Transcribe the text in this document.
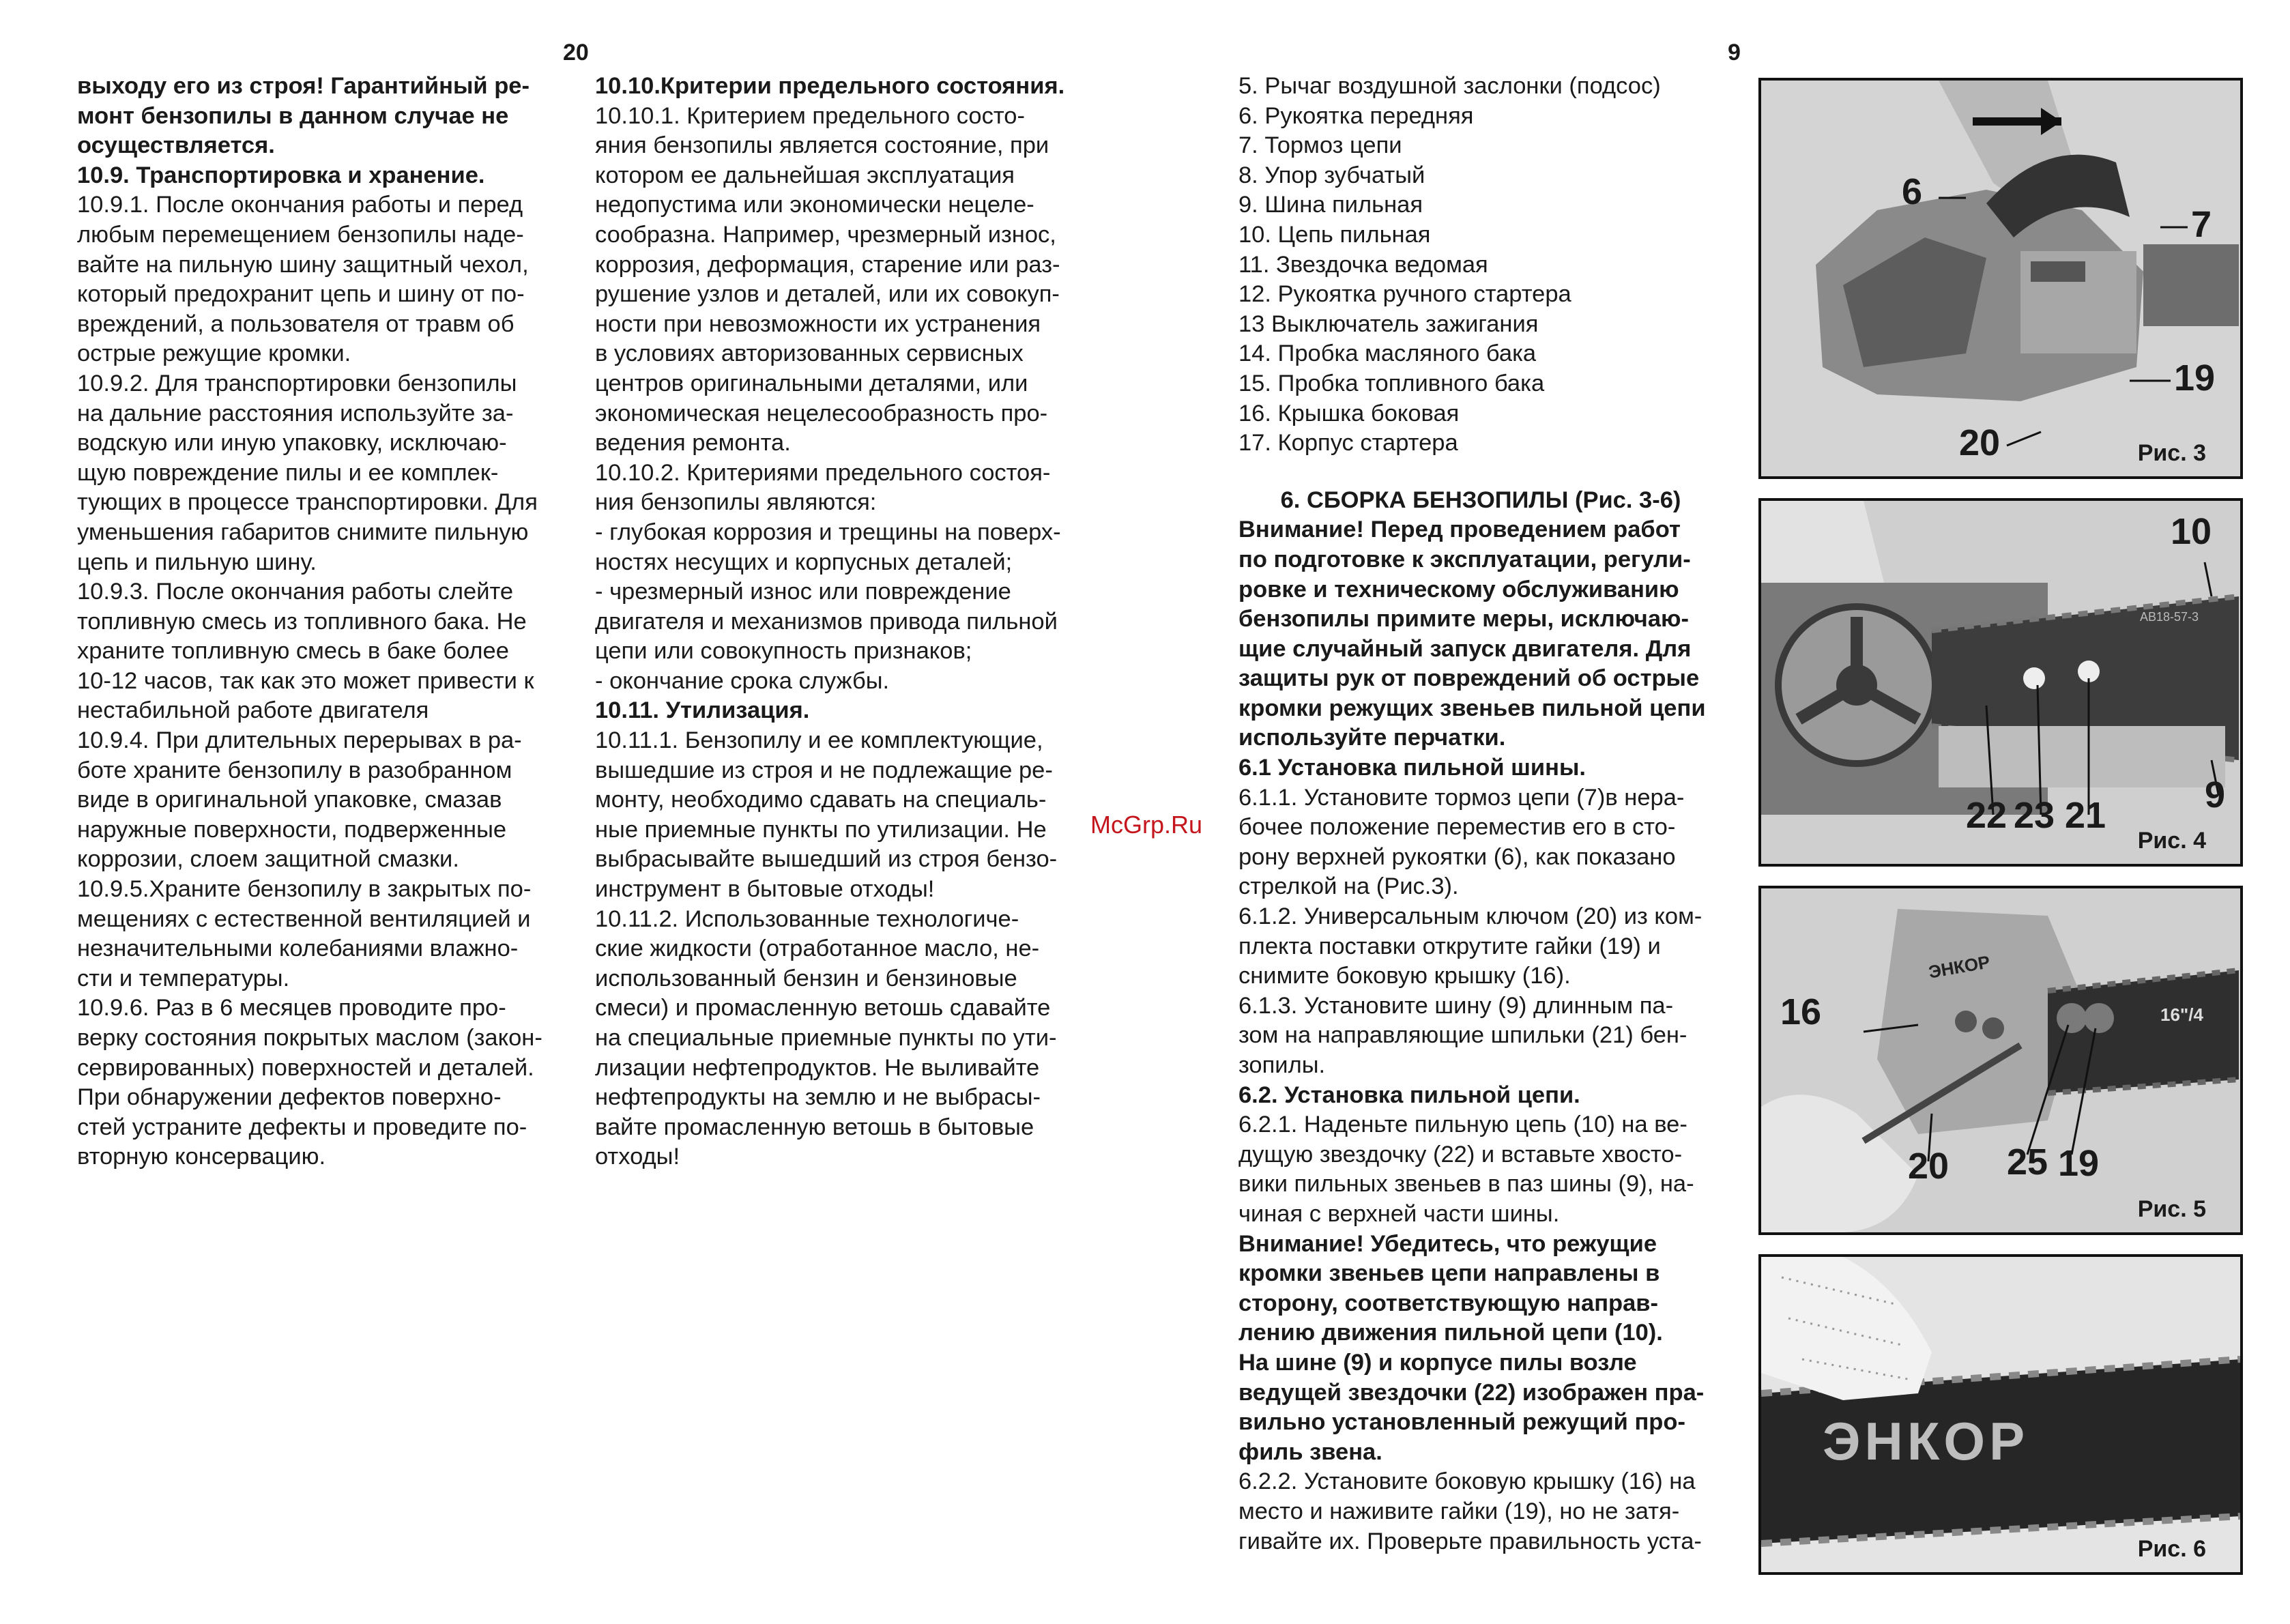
20	9

выходу его из строя! Гарантийный ре-

монт бензопилы в данном случае не

осуществляется.

10.9. Транспортировка и хранение.

10.9.1. После окончания работы и перед

любым перемещением бензопилы наде-

вайте на пильную шину защитный чехол,

который предохранит цепь и шину от по-

вреждений, а пользователя от травм об

острые режущие кромки.

10.9.2. Для транспортировки бензопилы

на дальние расстояния используйте за-

водскую или иную упаковку, исключаю-

щую повреждение пилы и ее комплек-

тующих в процессе транспортировки. Для

уменьшения габаритов снимите пильную

цепь и пильную шину.

10.9.3. После окончания работы слейте

топливную смесь из топливного бака. Не

храните топливную смесь в баке более

10-12 часов, так как это может привести к

нестабильной работе двигателя

10.9.4. При длительных перерывах в ра-

боте храните бензопилу в разобранном

виде в оригинальной упаковке, смазав

наружные поверхности, подверженные

коррозии, слоем защитной смазки.

10.9.5.Храните бензопилу в закрытых по-

мещениях с естественной вентиляцией и

незначительными колебаниями влажно-

сти и температуры.

10.9.6. Раз в 6 месяцев проводите про-

верку состояния покрытых маслом (закон-

сервированных) поверхностей и деталей.

При обнаружении дефектов поверхно-

стей устраните дефекты и проведите по-

вторную консервацию.

10.10.Критерии предельного состояния.

10.10.1. Критерием предельного состо-

яния бензопилы является состояние, при

котором ее дальнейшая эксплуатация

недопустима или экономически нецеле-

сообразна. Например, чрезмерный износ,

коррозия, деформация, старение или раз-

рушение узлов и деталей, или их совокуп-

ности при невозможности их устранения

в условиях авторизованных сервисных

центров оригинальными деталями, или

экономическая нецелесообразность про-

ведения ремонта.

10.10.2. Критериями предельного состоя-

ния бензопилы являются:

- глубокая коррозия и трещины на поверх-

ностях несущих и корпусных деталей;

- чрезмерный износ или повреждение

двигателя и механизмов привода пильной

цепи или совокупность признаков;

- окончание срока службы.

10.11. Утилизация.

10.11.1. Бензопилу и ее комплектующие,

вышедшие из строя и не подлежащие ре-

монту, необходимо сдавать на специаль-

ные приемные пункты по утилизации. Не

выбрасывайте вышедший из строя бензо-

инструмент в бытовые отходы!

10.11.2. Использованные технологиче-

ские жидкости (отработанное масло, не-

использованный бензин и бензиновые

смеси) и промасленную ветошь сдавайте

на специальные приемные пункты по ути-

лизации нефтепродуктов. Не выливайте

нефтепродукты на землю и не выбрасы-

вайте промасленную ветошь в бытовые

отходы!

5. Рычаг воздушной заслонки (подсос)

6. Рукоятка передняя

7. Тормоз цепи

8. Упор зубчатый

9. Шина пильная

10. Цепь пильная

11. Звездочка ведомая

12. Рукоятка ручного стартера

13 Выключатель зажигания

14. Пробка масляного бака

15. Пробка топливного бака

16. Крышка боковая

17. Корпус стартера

6. СБОРКА БЕНЗОПИЛЫ (Рис. 3-6)

Внимание! Перед проведением работ

по подготовке к эксплуатации, регули-

ровке и техническому обслуживанию

бензопилы примите меры, исключаю-

щие случайный запуск двигателя. Для

защиты рук от повреждений об острые

кромки режущих звеньев пильной цепи

используйте перчатки.

6.1 Установка пильной шины.

6.1.1. Установите тормоз цепи (7)в нера-

бочее положение переместив его в сто-

рону верхней рукоятки (6), как показано

стрелкой на (Рис.3).

6.1.2. Универсальным ключом (20) из ком-

плекта поставки открутите гайки (19) и

снимите боковую крышку (16).

6.1.3. Установите шину (9) длинным па-

зом на направляющие шпильки (21) бен-

зопилы.

6.2. Установка пильной цепи.

6.2.1. Наденьте пильную цепь (10) на ве-

дущую звездочку (22) и вставьте хвосто-

вики пильных звеньев в паз шины (9), на-

чиная с верхней части шины.

Внимание! Убедитесь, что режущие

кромки звеньев цепи направлены в

сторону, соответствующую направ-

лению движения пильной цепи (10).

На шине (9) и корпусе пилы возле

ведущей звездочки (22) изображен пра-

вильно установленный режущий про-

филь звена.

6.2.2. Установите боковую крышку (16) на

место и наживите гайки (19), но не затя-

гивайте их. Проверьте правильность уста-

McGrp.Ru
6
7
19
20	Рис. 3
AB18-57-3
10
22 23 21	9
Рис. 4
ЭНКОР
16"/4
16
20 25 19
Рис. 5
ЭНКОР
Рис. 6
